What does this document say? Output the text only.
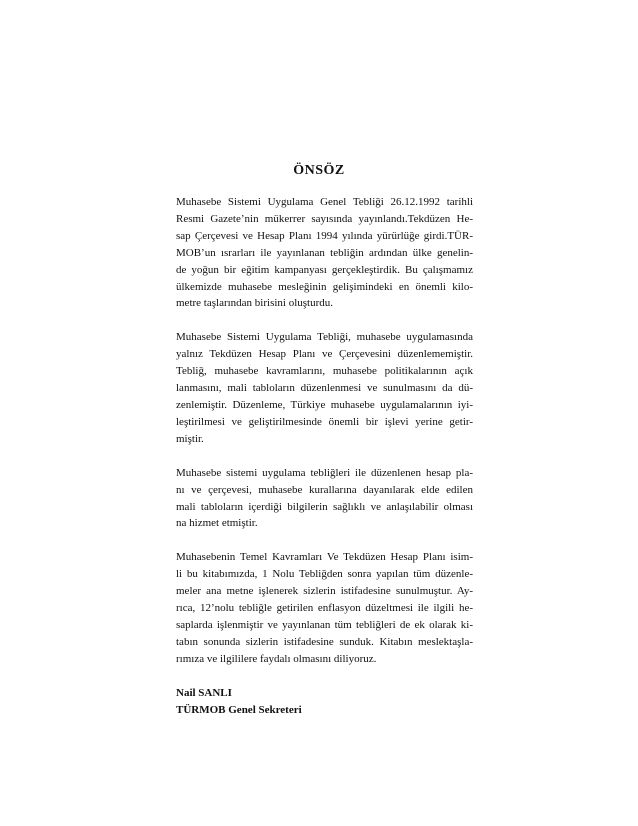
ÖNSÖZ
Muhasebe Sistemi Uygulama Genel Tebliği 26.12.1992 tarihli
Resmi Gazete’nin mükerrer sayısında yayınlandı.Tekdüzen He-
sap Çerçevesi ve Hesap Planı 1994 yılında yürürlüğe girdi.TÜR-
MOB’un ısrarları ile yayınlanan tebliğin ardından ülke genelin-
de yoğun bir eğitim kampanyası gerçekleştirdik. Bu çalışmamız
ülkemizde muhasebe mesleğinin gelişimindeki en önemli kilo-
metre taşlarından birisini oluşturdu.
Muhasebe Sistemi Uygulama Tebliği, muhasebe uygulamasında
yalnız Tekdüzen Hesap Planı ve Çerçevesini düzenlememiştir.
Tebliğ, muhasebe kavramlarını, muhasebe politikalarının açık
lanmasını, mali tabloların düzenlenmesi ve sunulmasını da dü-
zenlemiştir. Düzenleme, Türkiye muhasebe uygulamalarının iyi-
leştirilmesi ve geliştirilmesinde önemli bir işlevi yerine getir-
miştir.
Muhasebe sistemi uygulama tebliğleri ile düzenlenen hesap pla-
nı ve çerçevesi, muhasebe kurallarına dayanılarak elde edilen
mali tabloların içerdiği bilgilerin sağlıklı ve anlaşılabilir olması
na hizmet etmiştir.
Muhasebenin Temel Kavramları Ve Tekdüzen Hesap Planı isim-
li bu kitabımızda, 1 Nolu Tebliğden sonra yapılan tüm düzenle-
meler ana metne işlenerek sizlerin istifadesine sunulmuştur. Ay-
rıca, 12’nolu tebliğle getirilen enflasyon düzeltmesi ile ilgili he-
saplarda işlenmiştir ve yayınlanan tüm tebliğleri de ek olarak ki-
tabın sonunda sizlerin istifadesine sunduk. Kitabın meslektaşla-
rımıza ve ilgililere faydalı olmasını diliyoruz.
Nail SANLI
TÜRMOB Genel Sekreteri
